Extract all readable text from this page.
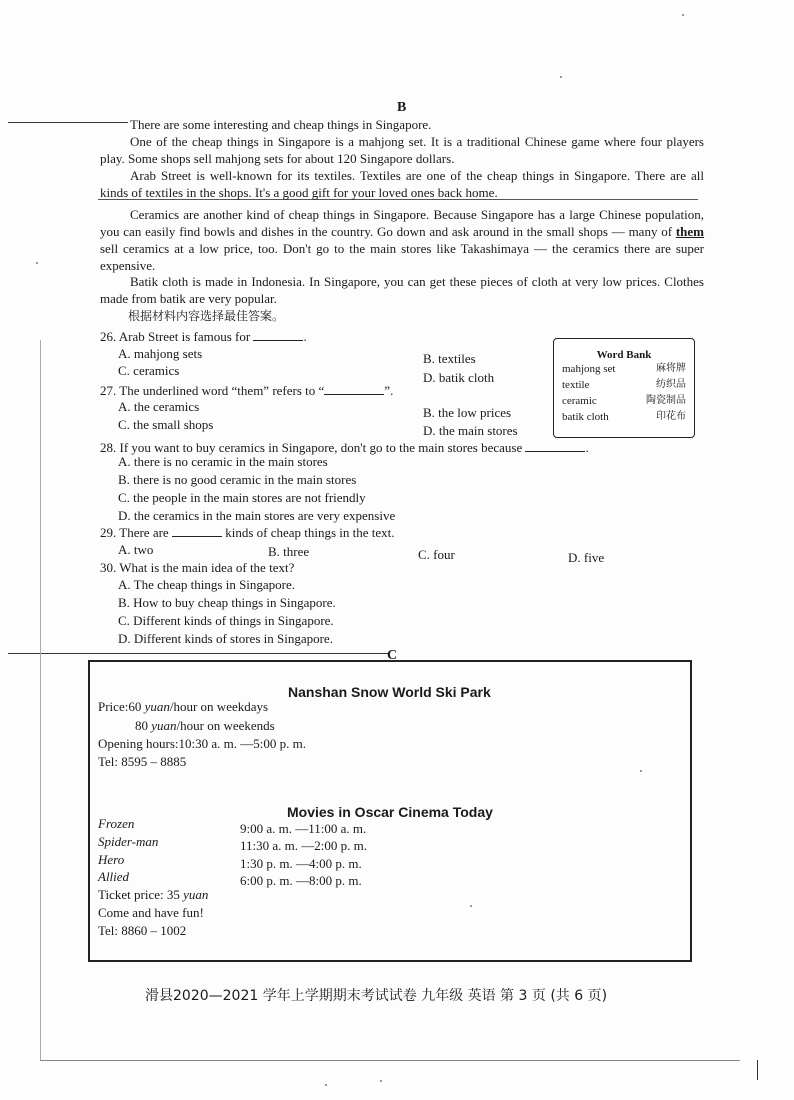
B
There are some interesting and cheap things in Singapore.
One of the cheap things in Singapore is a mahjong set. It is a traditional Chinese game where four players play. Some shops sell mahjong sets for about 120 Singapore dollars.
Arab Street is well-known for its textiles. Textiles are one of the cheap things in Singapore. There are all kinds of textiles in the shops. It's a good gift for your loved ones back home.
Ceramics are another kind of cheap things in Singapore. Because Singapore has a large Chinese population, you can easily find bowls and dishes in the country. Go down and ask around in the small shops — many of them sell ceramics at a low price, too. Don't go to the main stores like Takashimaya — the ceramics there are super expensive.
Batik cloth is made in Indonesia. In Singapore, you can get these pieces of cloth at very low prices. Clothes made from batik are very popular.
根据材料内容选择最佳答案。
Word Bank
mahjong set	麻将牌
textile	纺织品
ceramic	陶瓷制品
batik cloth	印花布
26. Arab Street is famous for	.
A. mahjong sets	B. textiles
C. ceramics	D. batik cloth
27. The underlined word “them” refers to “	”.
A. the ceramics	B. the low prices
C. the small shops	D. the main stores
28. If you want to buy ceramics in Singapore, don't go to the main stores because	.
A. there is no ceramic in the main stores
B. there is no good ceramic in the main stores
C. the people in the main stores are not friendly
D. the ceramics in the main stores are very expensive
29. There are	kinds of cheap things in the text.
A. two	B. three	C. four	D. five
30. What is the main idea of the text?
A. The cheap things in Singapore.
B. How to buy cheap things in Singapore.
C. Different kinds of things in Singapore.
D. Different kinds of stores in Singapore.
C
Nanshan Snow World Ski Park
Price:60 yuan/hour on weekdays
80 yuan/hour on weekends
Opening hours:10:30 a. m. —5:00 p. m.
Tel: 8595 – 8885
Movies in Oscar Cinema Today
Frozen	9:00 a. m. —11:00 a. m.
Spider-man	11:30 a. m. —2:00 p. m.
Hero	1:30 p. m. —4:00 p. m.
Allied	6:00 p. m. —8:00 p. m.
Ticket price: 35 yuan
Come and have fun!
Tel: 8860 – 1002
滑县2020—2021 学年上学期期末考试试卷 九年级 英语 第 3 页 (共 6 页)
